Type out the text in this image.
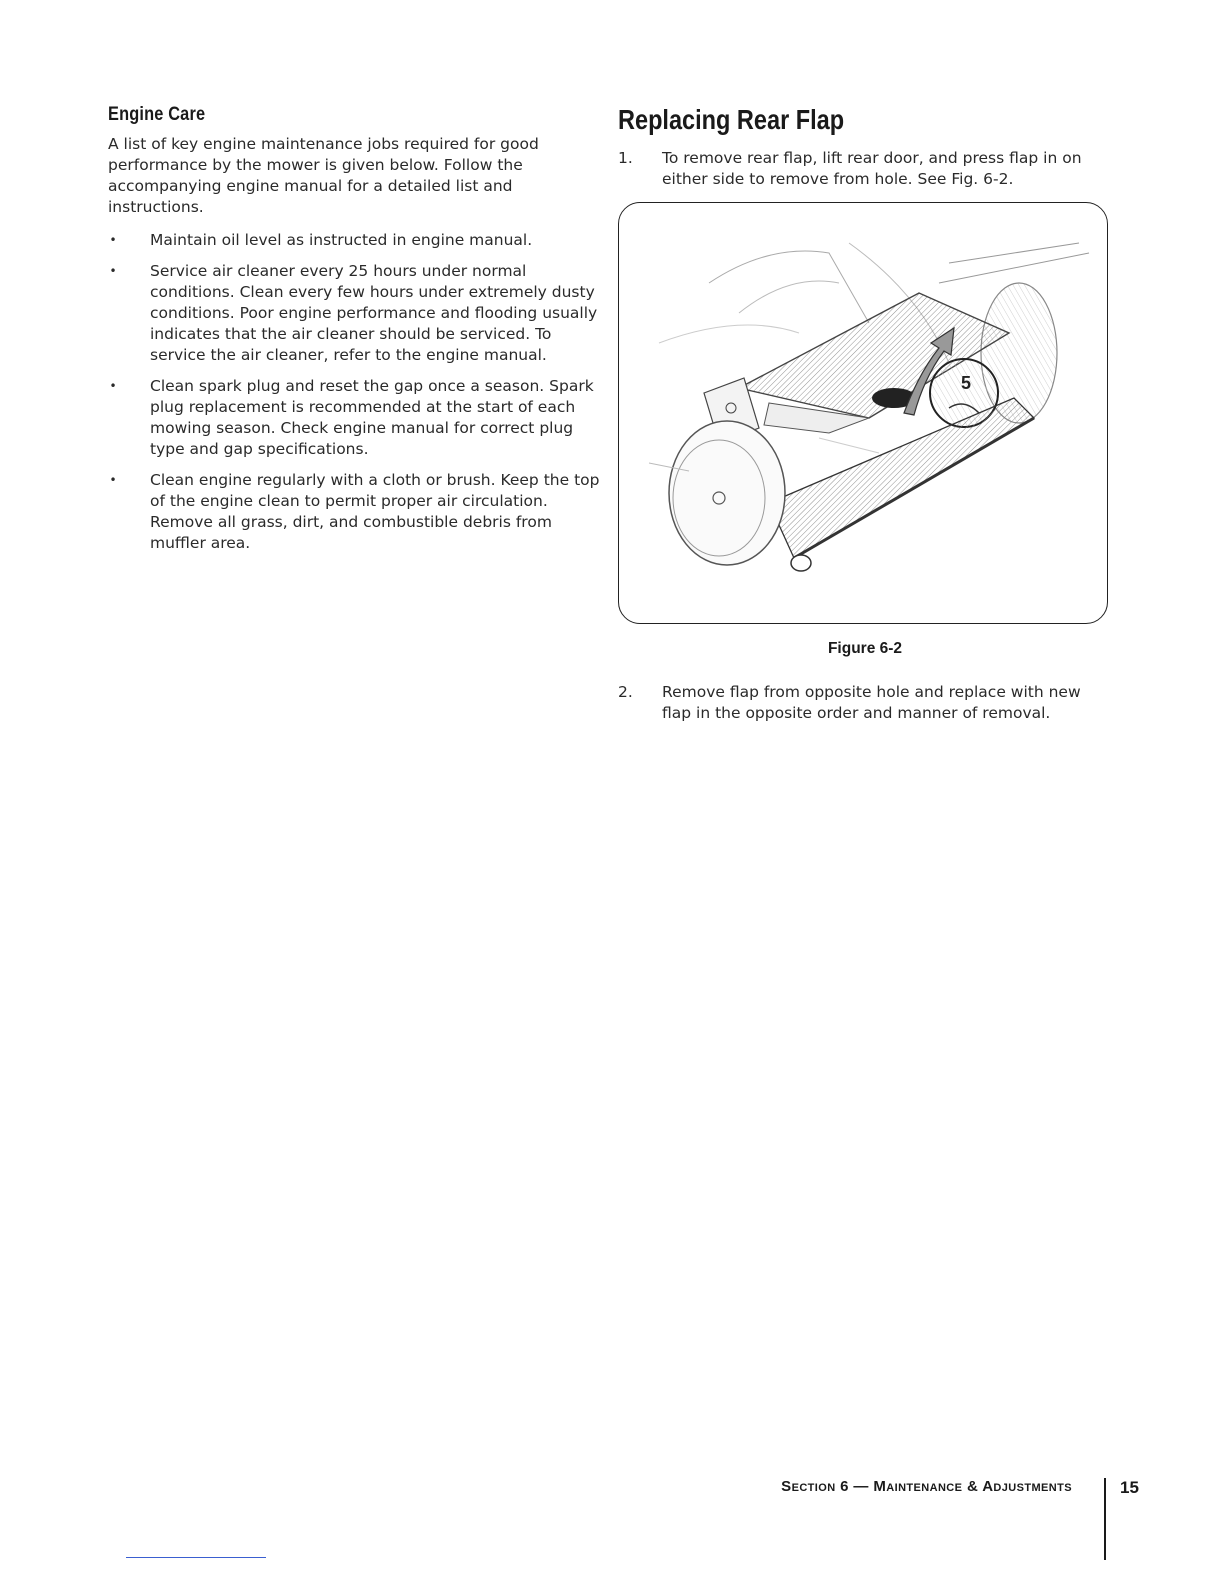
Engine Care

A list of key engine maintenance jobs required for good performance by the mower is given below. Follow the accompanying engine manual for a detailed list and instructions.

• Maintain oil level as instructed in engine manual.
• Service air cleaner every 25 hours under normal conditions. Clean every few hours under extremely dusty conditions. Poor engine performance and flooding usually indicates that the air cleaner should be serviced. To service the air cleaner, refer to the engine manual.
• Clean spark plug and reset the gap once a season. Spark plug replacement is recommended at the start of each mowing season. Check engine manual for correct plug type and gap specifications.
• Clean engine regularly with a cloth or brush. Keep the top of the engine clean to permit proper air circulation. Remove all grass, dirt, and combustible debris from muffler area.
Replacing Rear Flap
1. To remove rear flap, lift rear door, and press flap in on either side to remove from hole. See Fig. 6-2.
5

Figure 6-2

2. Remove flap from opposite hole and replace with new flap in the opposite order and manner of removal.
Section 6 — Maintenance & Adjustments	15
